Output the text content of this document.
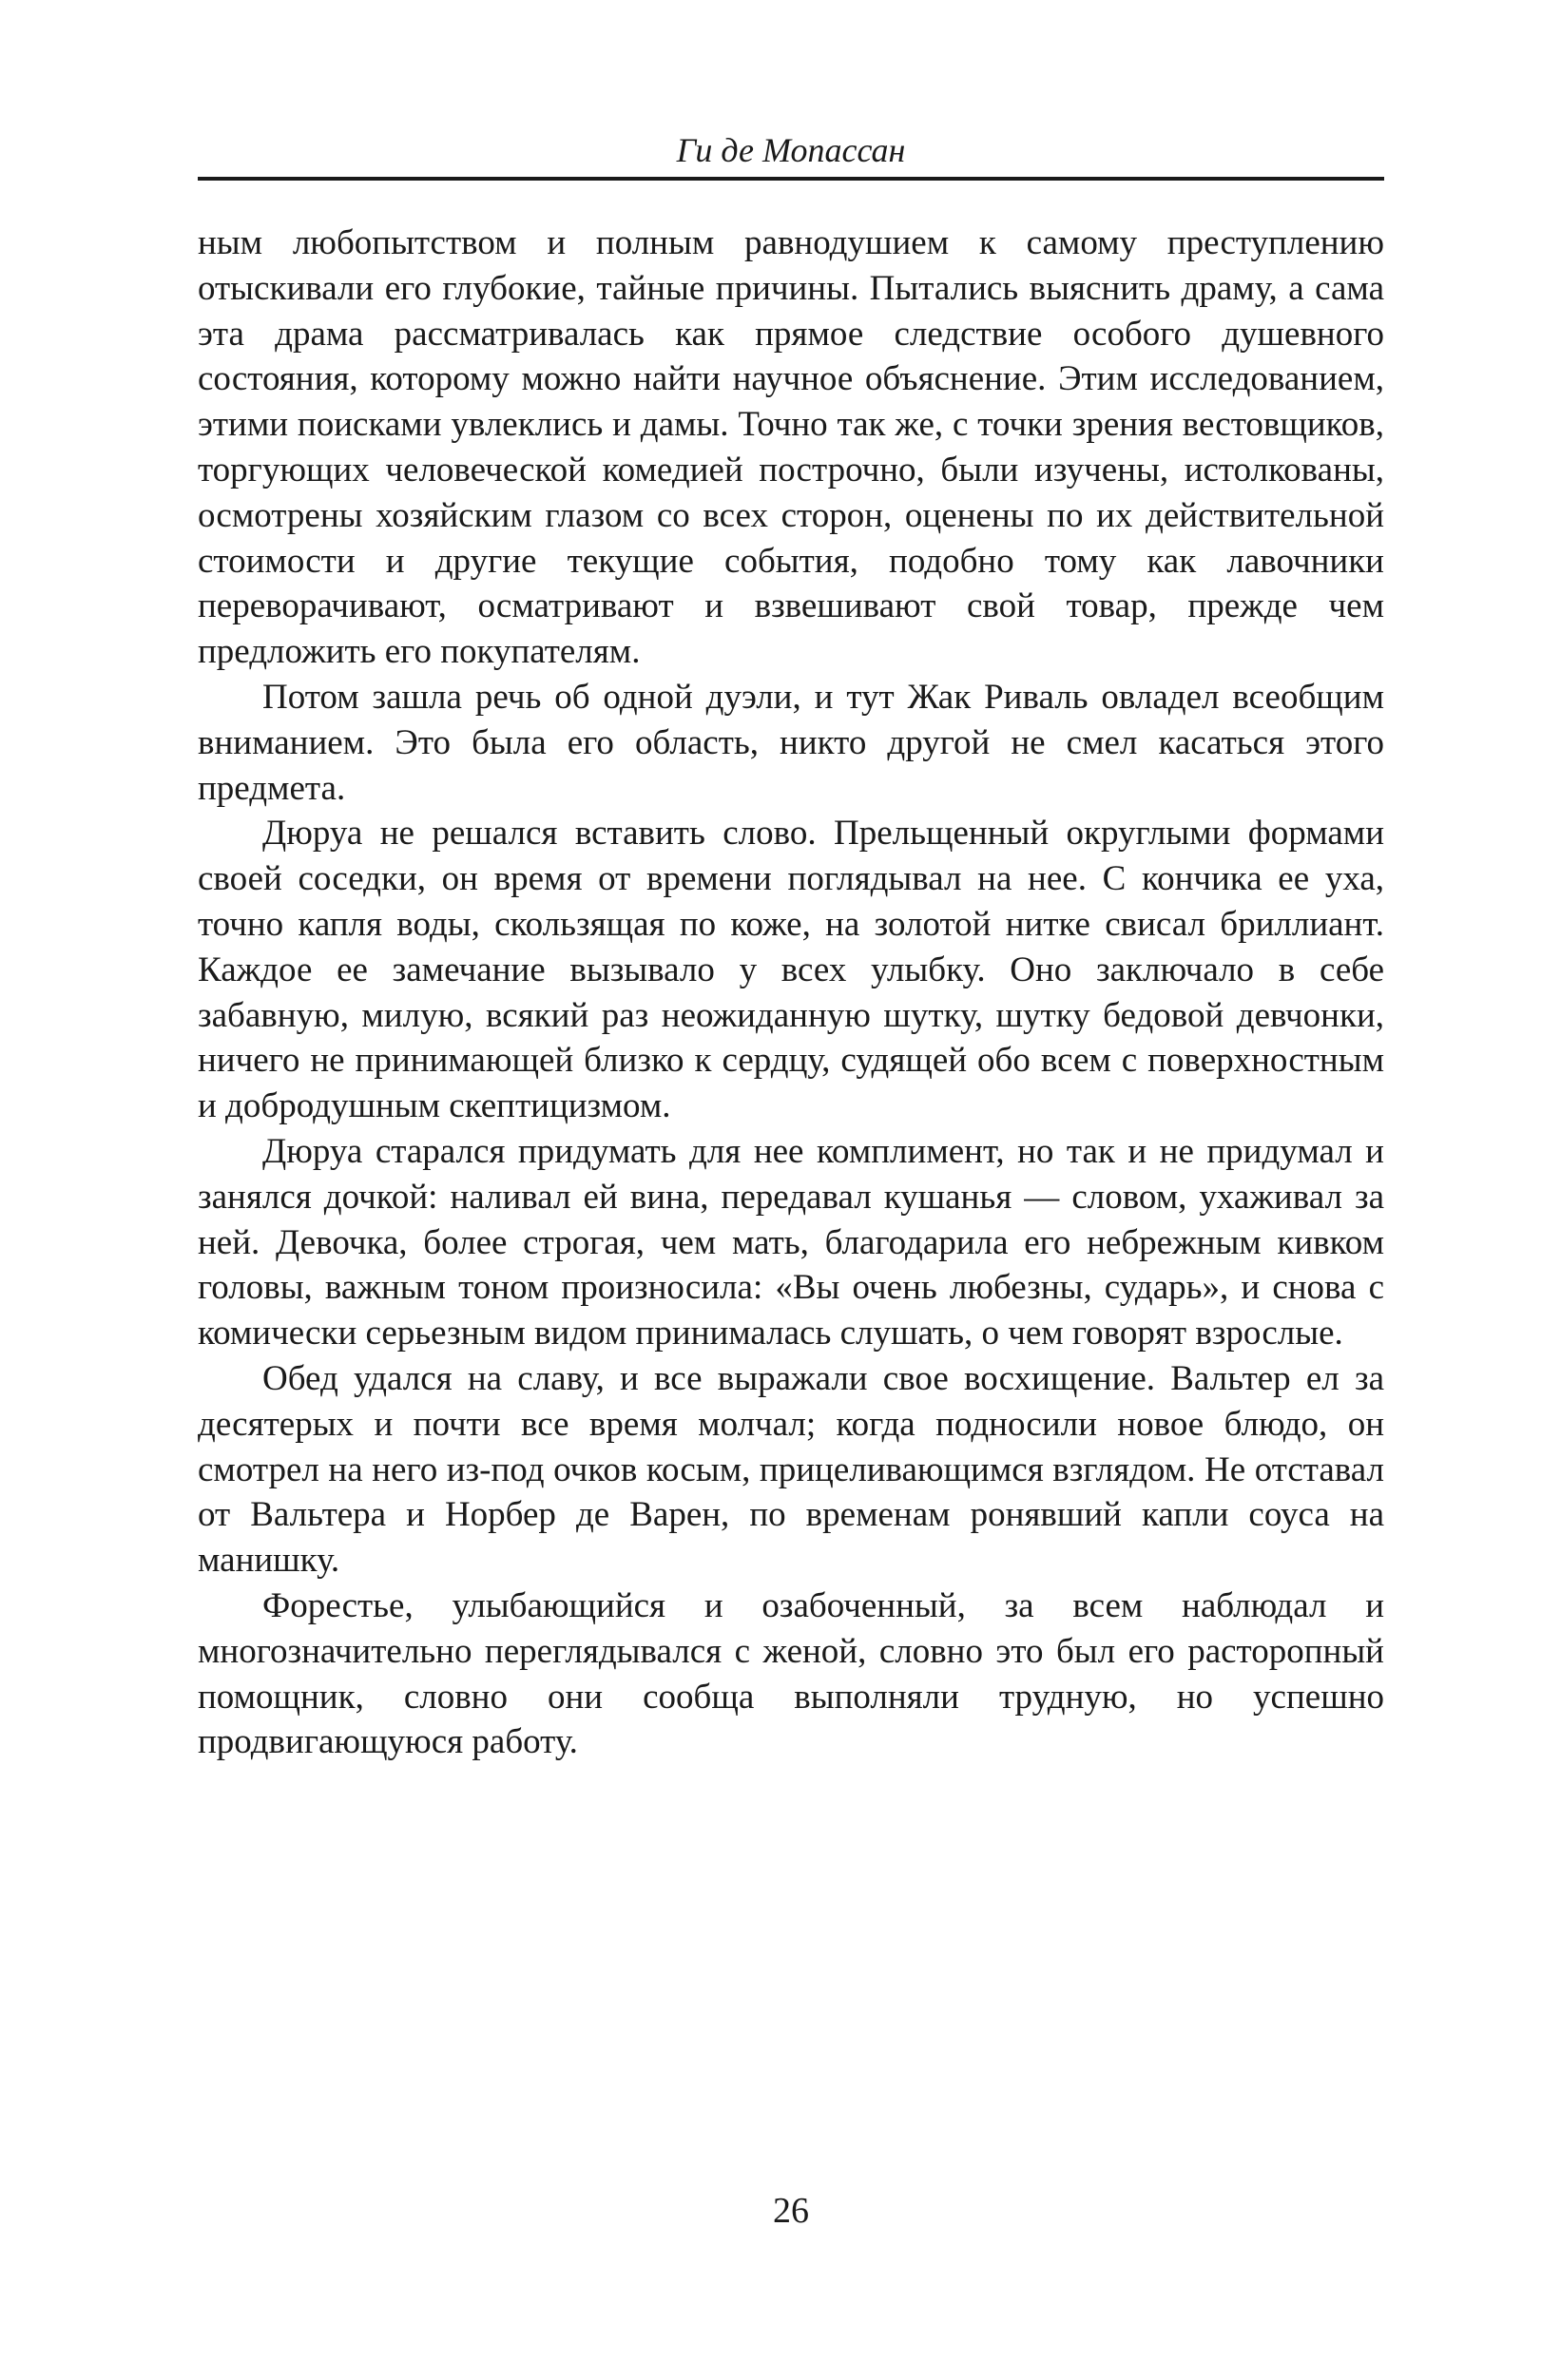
Ги де Мопассан

ным любопытством и полным равнодушием к самому преступлению отыскивали его глубокие, тайные причины. Пытались выяснить драму, а сама эта драма рассматривалась как прямое следствие особого душевного состояния, которому можно найти научное объяснение. Этим исследованием, этими поисками увлеклись и дамы. Точно так же, с точки зрения вестовщиков, торгующих человеческой комедией построчно, были изучены, истолкованы, осмотрены хозяйским глазом со всех сторон, оценены по их действительной стоимости и другие текущие события, подобно тому как лавочники переворачивают, осматривают и взвешивают свой товар, прежде чем предложить его покупателям.

Потом зашла речь об одной дуэли, и тут Жак Риваль овладел всеобщим вниманием. Это была его область, никто другой не смел касаться этого предмета.

Дюруа не решался вставить слово. Прельщенный округлыми формами своей соседки, он время от времени поглядывал на нее. С кончика ее уха, точно капля воды, скользящая по коже, на золотой нитке свисал бриллиант. Каждое ее замечание вызывало у всех улыбку. Оно заключало в себе забавную, милую, всякий раз неожиданную шутку, шутку бедовой девчонки, ничего не принимающей близко к сердцу, судящей обо всем с поверхностным и добродушным скептицизмом.

Дюруа старался придумать для нее комплимент, но так и не придумал и занялся дочкой: наливал ей вина, передавал кушанья — словом, ухаживал за ней. Девочка, более строгая, чем мать, благодарила его небрежным кивком головы, важным тоном произносила: «Вы очень любезны, сударь», и снова с комически серьезным видом принималась слушать, о чем говорят взрослые.

Обед удался на славу, и все выражали свое восхищение. Вальтер ел за десятерых и почти все время молчал; когда подносили новое блюдо, он смотрел на него из-под очков косым, прицеливающимся взглядом. Не отставал от Вальтера и Норбер де Варен, по временам ронявший капли соуса на манишку.

Форестье, улыбающийся и озабоченный, за всем наблюдал и многозначительно переглядывался с женой, словно это был его расторопный помощник, словно они сообща выполняли трудную, но успешно продвигающуюся работу.

26
